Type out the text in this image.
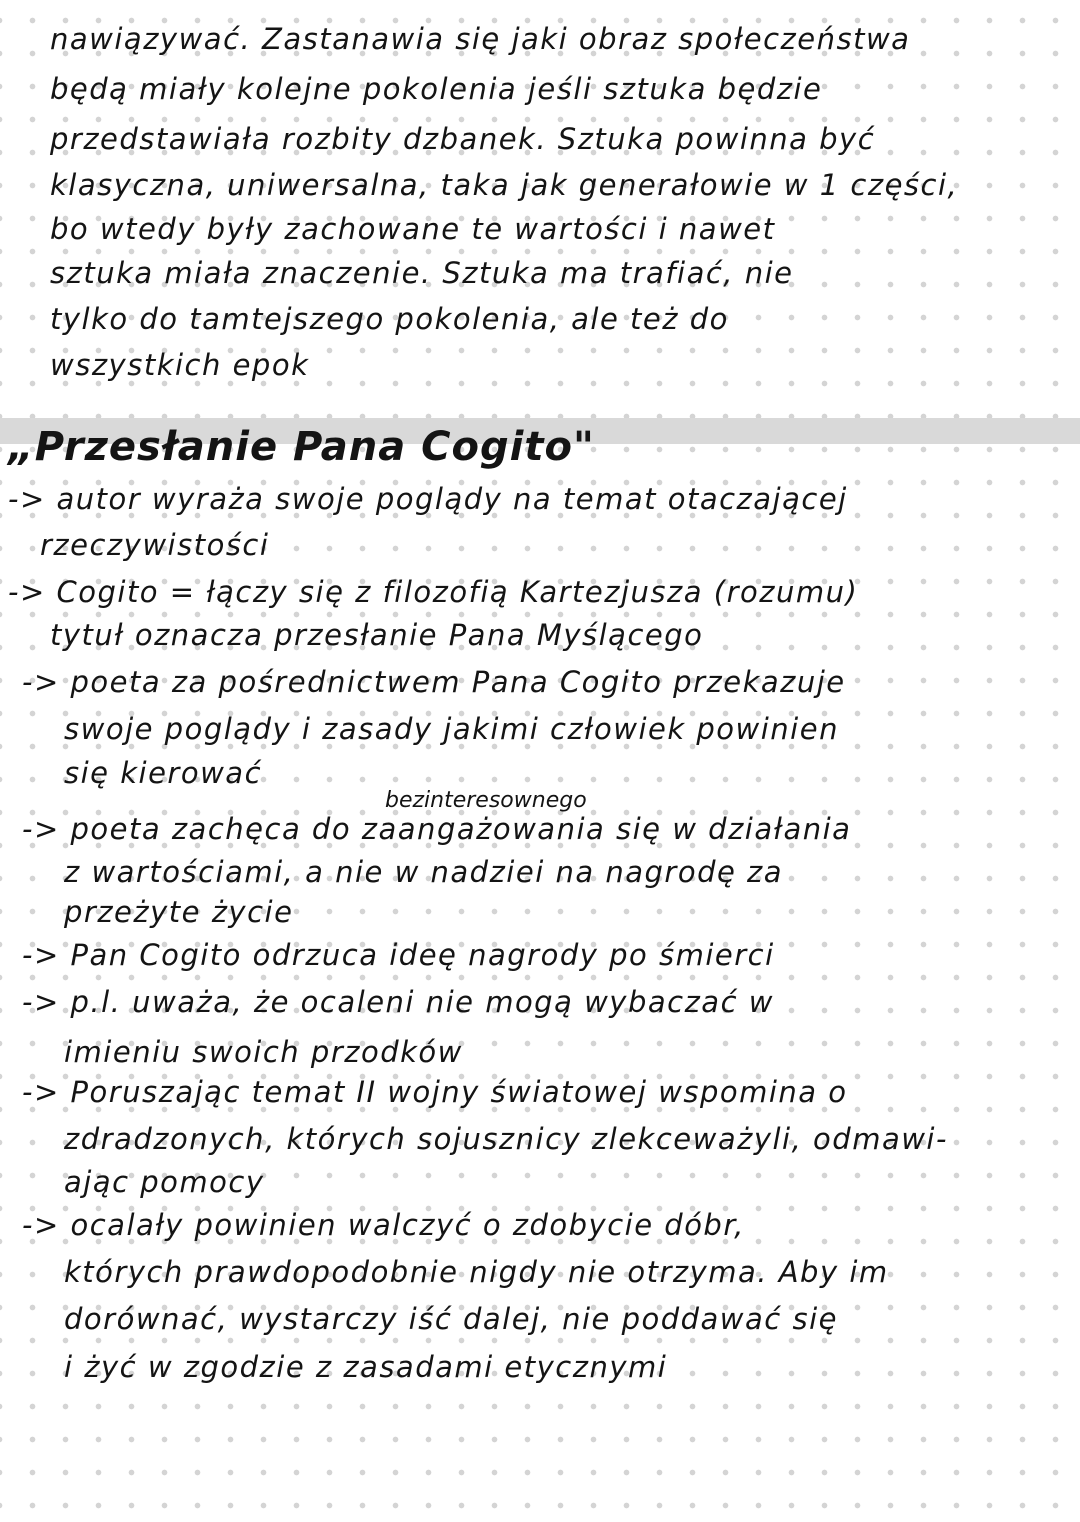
nawiązywać. Zastanawia się jaki obraz społeczeństwa
będą miały kolejne pokolenia jeśli sztuka będzie
przedstawiała rozbity dzbanek. Sztuka powinna być
klasyczna, uniwersalna, taka jak generałowie w 1 części,
bo wtedy były zachowane te wartości i nawet
sztuka miała znaczenie. Sztuka ma trafiać, nie
tylko do tamtejszego pokolenia, ale też do
wszystkich epok
„Przesłanie Pana Cogito"
-> autor wyraża swoje poglądy na temat otaczającej
rzeczywistości
-> Cogito = łączy się z filozofią Kartezjusza (rozumu)
tytuł oznacza przesłanie Pana Myślącego
-> poeta za pośrednictwem Pana Cogito przekazuje
swoje poglądy i zasady jakimi człowiek powinien
się kierować
bezinteresownego
-> poeta zachęca do zaangażowania się w działania
z wartościami, a nie w nadziei na nagrodę za
przeżyte życie
-> Pan Cogito odrzuca ideę nagrody po śmierci
-> p.l. uważa, że ocaleni nie mogą wybaczać w
imieniu swoich przodków
-> Poruszając temat II wojny światowej wspomina o
zdradzonych, których sojusznicy zlekceważyli, odmawi-
ając pomocy
-> ocalały powinien walczyć o zdobycie dóbr,
których prawdopodobnie nigdy nie otrzyma. Aby im
dorównać, wystarczy iść dalej, nie poddawać się
i żyć w zgodzie z zasadami etycznymi
